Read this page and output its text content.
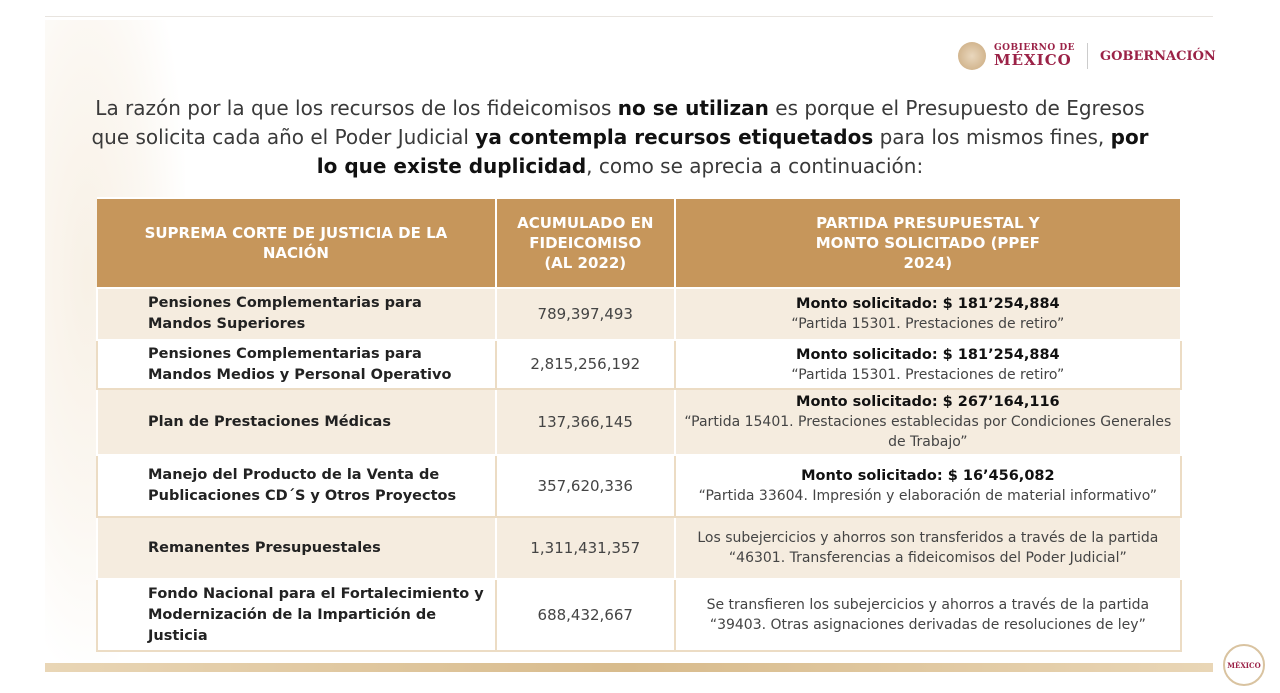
GOBIERNO DE
MÉXICO GOBERNACIÓN
La razón por la que los recursos de los fideicomisos no se utilizan es porque el Presupuesto de Egresos que solicita cada año el Poder Judicial ya contempla recursos etiquetados para los mismos fines, por lo que existe duplicidad, como se aprecia a continuación:
SUPREMA CORTE DE JUSTICIA DE LA NACIÓN	ACUMULADO EN FIDEICOMISO (AL 2022)	PARTIDA PRESUPUESTAL Y MONTO SOLICITADO (PPEF 2024)
Pensiones Complementarias para Mandos Superiores	789,397,493	Monto solicitado: $ 181’254,884
“Partida 15301. Prestaciones de retiro”

Pensiones Complementarias para Mandos Medios y Personal Operativo	2,815,256,192	Monto solicitado: $ 181’254,884
“Partida 15301. Prestaciones de retiro”

Plan de Prestaciones Médicas	137,366,145	Monto solicitado: $ 267’164,116
“Partida 15401. Prestaciones establecidas por Condiciones Generales de Trabajo”

Manejo del Producto de la Venta de Publicaciones CD´S y Otros Proyectos	357,620,336	Monto solicitado: $ 16’456,082
“Partida 33604. Impresión y elaboración de material informativo”

Remanentes Presupuestales	1,311,431,357	Los subejercicios y ahorros son transferidos a través de la partida “46301. Transferencias a fideicomisos del Poder Judicial”

Fondo Nacional para el Fortalecimiento y Modernización de la Impartición de Justicia	688,432,667	Se transfieren los subejercicios y ahorros a través de la partida “39403. Otras asignaciones derivadas de resoluciones de ley”
MÉXICO
